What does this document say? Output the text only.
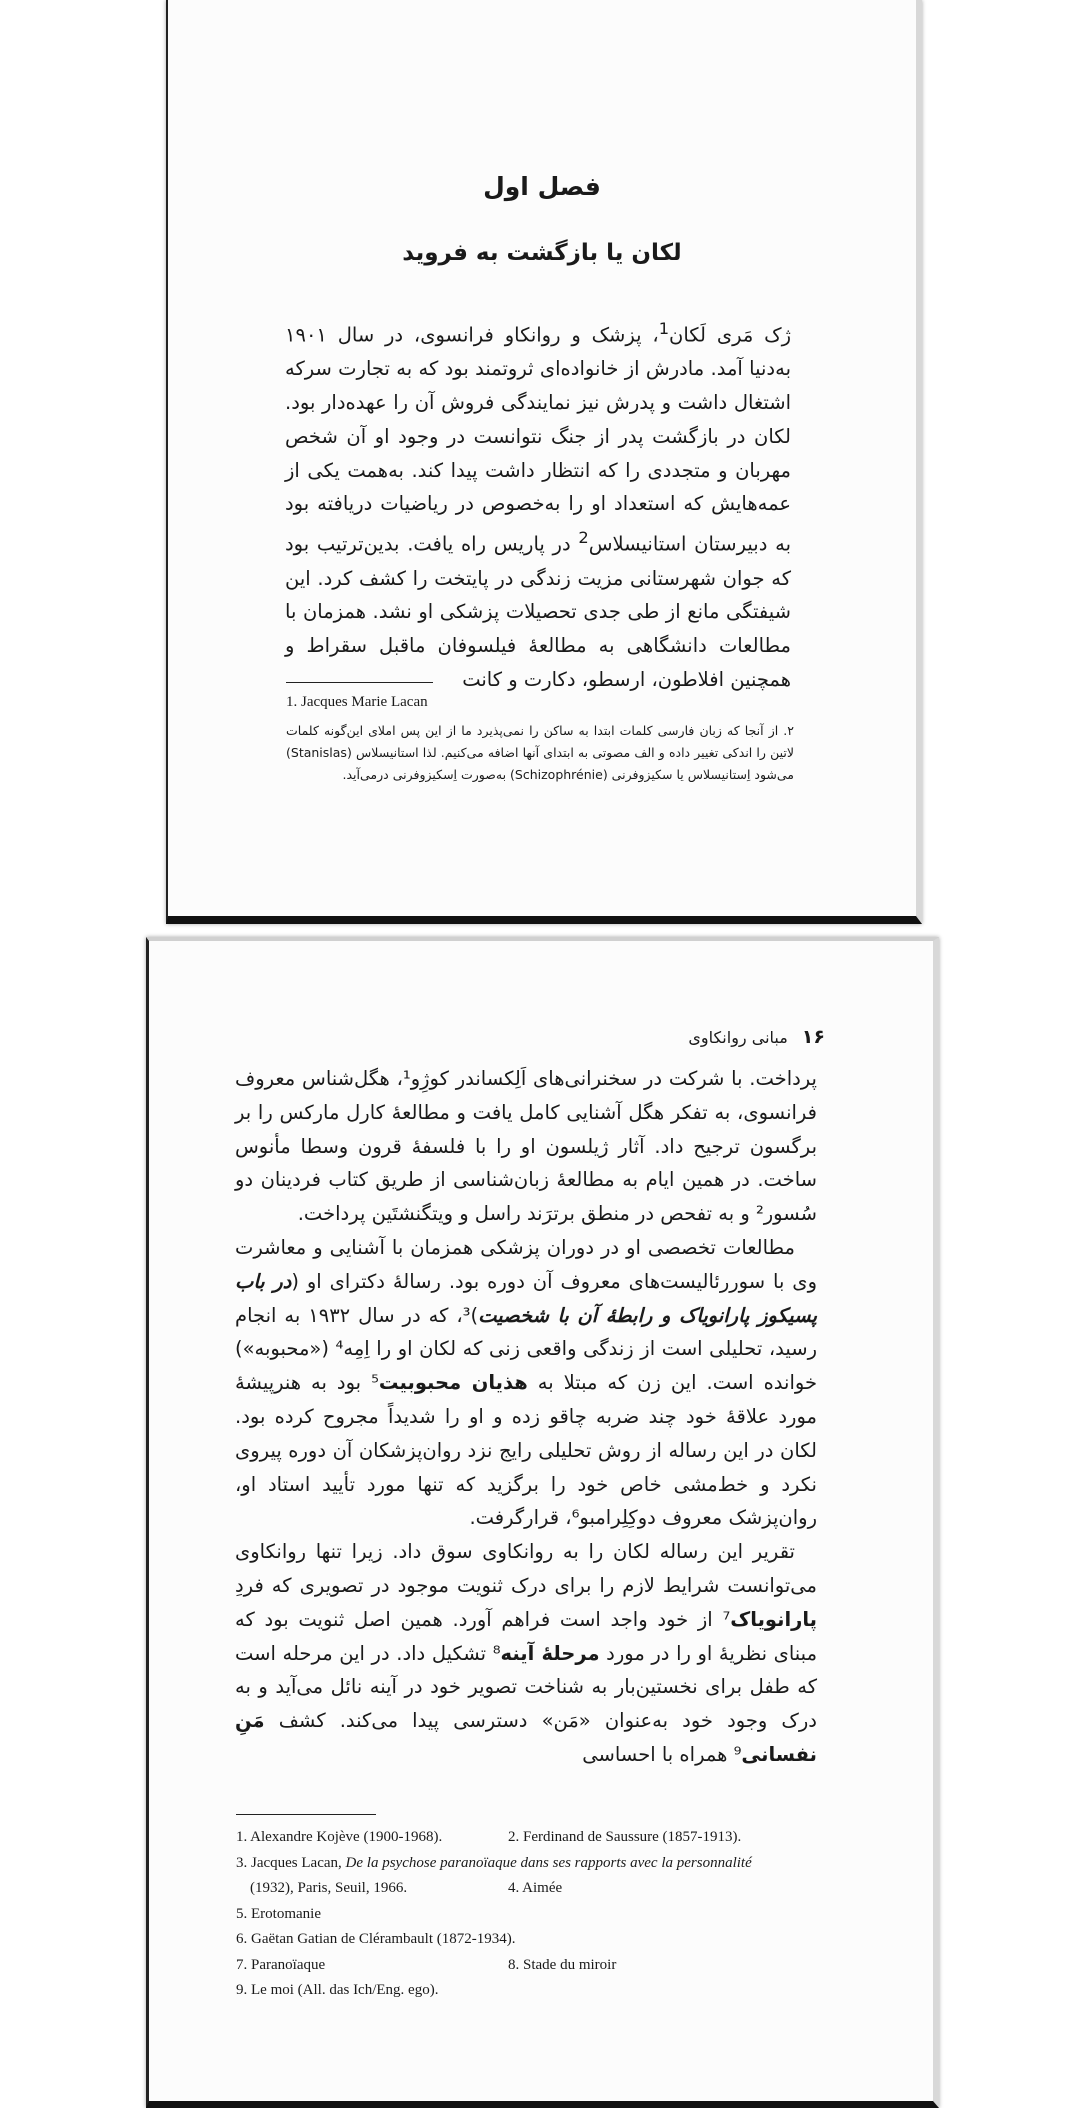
فصل اول
لکان یا بازگشت به فروید

ژک مَری لَکان$^1$، پزشک و روانکاو فرانسوی، در سال ۱۹۰۱ به‌دنیا آمد. مادرش از خانواده‌ای ثروتمند بود که به تجارت سرکه اشتغال داشت و پدرش نیز نمایندگی فروش آن را عهده‌دار بود. لکان در بازگشت پدر از جنگ نتوانست در وجود او آن شخص مهربان و متجددی را که انتظار داشت پیدا کند. به‌همت یکی از عمه‌هایش که استعداد او را به‌خصوص در ریاضیات دریافته بود به دبیرستان استانیسلاس$^2$ در پاریس راه یافت. بدین‌ترتیب بود که جوان شهرستانی مزیت زندگی در پایتخت را کشف کرد. این شیفتگی مانع از طی جدی تحصیلات پزشکی او نشد. همزمان با مطالعات دانشگاهی به مطالعهٔ فیلسوفان ماقبل سقراط و همچنین افلاطون، ارسطو، دکارت و کانت

1. Jacques Marie Lacan
۲. از آنجا که زبان فارسی کلمات ابتدا به ساکن را نمی‌پذیرد ما از این پس املای این‌گونه کلمات لاتین را اندکی تغییر داده و الف مصوتی به ابتدای آنها اضافه می‌کنیم. لذا استانیسلاس (Stanislas) می‌شود اِستانیسلاس یا سکیزوفرنی (Schizophrénie) به‌صورت اِسکیزوفرنی درمی‌آید.
۱۶مبانی روانکاوی

پرداخت. با شرکت در سخنرانی‌های اَلِکساندر کوژِو¹، هگل‌شناس معروف فرانسوی، به تفکر هگل آشنایی کامل یافت و مطالعهٔ کارل مارکس را بر برگسون ترجیح داد. آثار ژیلسون او را با فلسفهٔ قرون وسطا مأنوس ساخت. در همین ایام به مطالعهٔ زبان‌شناسی از طریق کتاب فردینان دو سُسور² و به تفحص در منطق برترَند راسل و ویتگنشتَین پرداخت.

مطالعات تخصصی او در دوران پزشکی همزمان با آشنایی و معاشرت وی با سوررئالیست‌های معروف آن دوره بود. رسالهٔ دکترای او (در باب پسیکوز پارانویاک و رابطهٔ آن با شخصیت)³، که در سال ۱۹۳۲ به انجام رسید، تحلیلی است از زندگی واقعی زنی که لکان او را اِمِه⁴ («محبوبه») خوانده است. این زن که مبتلا به هذیان محبوبیت⁵ بود به هنرپیشهٔ مورد علاقهٔ خود چند ضربه چاقو زده و او را شدیداً مجروح کرده بود. لکان در این رساله از روش تحلیلی رایج نزد روان‌پزشکان آن دوره پیروی نکرد و خط‌مشی خاص خود را برگزید که تنها مورد تأیید استاد او، روان‌پزشک معروف دوکِلِرامبو⁶، قرارگرفت.

تقریر این رساله لکان را به روانکاوی سوق داد. زیرا تنها روانکاوی می‌توانست شرایط لازم را برای درک ثنویت موجود در تصویری که فردِ پارانویاک⁷ از خود واجد است فراهم آورد. همین اصل ثنویت بود که مبنای نظریهٔ او را در مورد مرحلهٔ آینه⁸ تشکیل داد. در این مرحله است که طفل برای نخستین‌بار به شناخت تصویر خود در آینه نائل می‌آید و به درک وجود خود به‌عنوان «مَن» دسترسی پیدا می‌کند. کشف مَنِ نفسانی⁹ همراه با احساسی

1. Alexandre Kojève (1900-1968).	2. Ferdinand de Saussure (1857-1913).
3. Jacques Lacan, De la psychose paranoïaque dans ses rapports avec la personnalité
(1932), Paris, Seuil, 1966.	4. Aimée
5. Erotomanie
6. Gaëtan Gatian de Clérambault (1872-1934).
7. Paranoïaque	8. Stade du miroir
9. Le moi (All. das Ich/Eng. ego).
